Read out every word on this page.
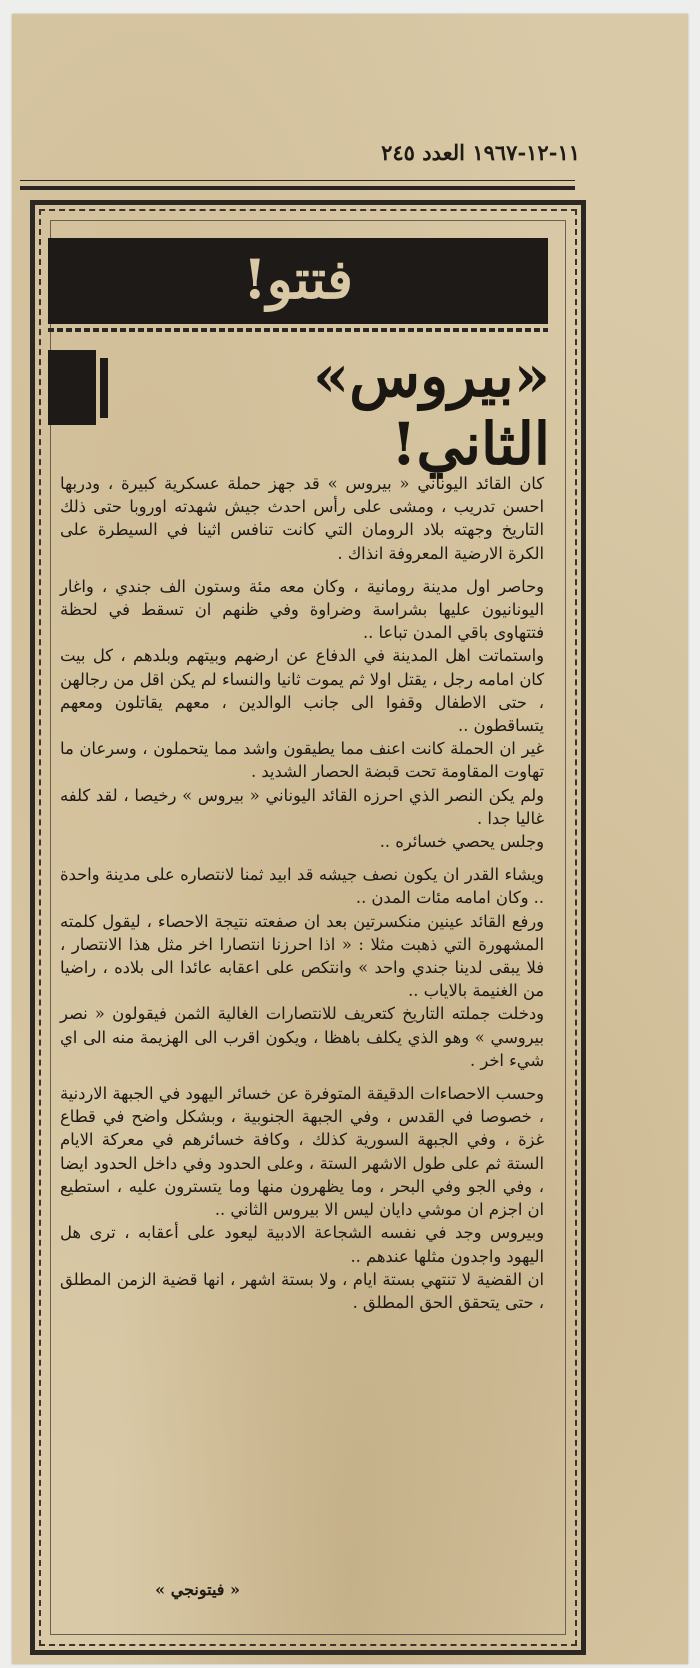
١١-١٢-١٩٦٧ العدد ٢٤٥
فتتو!
«بيروس» الثاني!

كان القائد اليوناني « بيروس » قد جهز حملة عسكرية كبيرة ، ودربها احسن تدريب ، ومشى على رأس احدث جيش شهدته اوروبا حتى ذلك التاريخ وجهته بلاد الرومان التي كانت تنافس اثينا في السيطرة على الكرة الارضية المعروفة انذاك .

وحاصر اول مدينة رومانية ، وكان معه مئة وستون الف جندي ، واغار اليونانيون عليها بشراسة وضراوة وفي ظنهم ان تسقط في لحظة فتتهاوى باقي المدن تباعا ..

واستماتت اهل المدينة في الدفاع عن ارضهم وبيتهم وبلدهم ، كل بيت كان امامه رجل ، يقتل اولا ثم يموت ثانيا والنساء لم يكن اقل من رجالهن ، حتى الاطفال وقفوا الى جانب الوالدين ، معهم يقاتلون ومعهم يتساقطون ..

غير ان الحملة كانت اعنف مما يطيقون واشد مما يتحملون ، وسرعان ما تهاوت المقاومة تحت قبضة الحصار الشديد .

ولم يكن النصر الذي احرزه القائد اليوناني « بيروس » رخيصا ، لقد كلفه غاليا جدا .

وجلس يحصي خسائره ..

ويشاء القدر ان يكون نصف جيشه قد ابيد ثمنا لانتصاره على مدينة واحدة .. وكان امامه مئات المدن ..

ورفع القائد عينين منكسرتين بعد ان صفعته نتيجة الاحصاء ، ليقول كلمته المشهورة التي ذهبت مثلا : « اذا احرزنا انتصارا اخر مثل هذا الانتصار ، فلا يبقى لدينا جندي واحد » وانتكص على اعقابه عائدا الى بلاده ، راضيا من الغنيمة بالاياب ..

ودخلت جملته التاريخ كتعريف للانتصارات الغالية الثمن فيقولون « نصر بيروسي » وهو الذي يكلف باهظا ، ويكون اقرب الى الهزيمة منه الى اي شيء اخر .

وحسب الاحصاءات الدقيقة المتوفرة عن خسائر اليهود في الجبهة الاردنية ، خصوصا في القدس ، وفي الجبهة الجنوبية ، وبشكل واضح في قطاع غزة ، وفي الجبهة السورية كذلك ، وكافة خسائرهم في معركة الايام الستة ثم على طول الاشهر الستة ، وعلى الحدود وفي داخل الحدود ايضا ، وفي الجو وفي البحر ، وما يظهرون منها وما يتسترون عليه ، استطيع ان اجزم ان موشي دايان ليس الا بيروس الثاني ..

وبيروس وجد في نفسه الشجاعة الادبية ليعود على أعقابه ، ترى هل اليهود واجدون مثلها عندهم ..

ان القضية لا تنتهي بستة ايام ، ولا بستة اشهر ، انها قضية الزمن المطلق ، حتى يتحقق الحق المطلق .

« فيتونجي »
